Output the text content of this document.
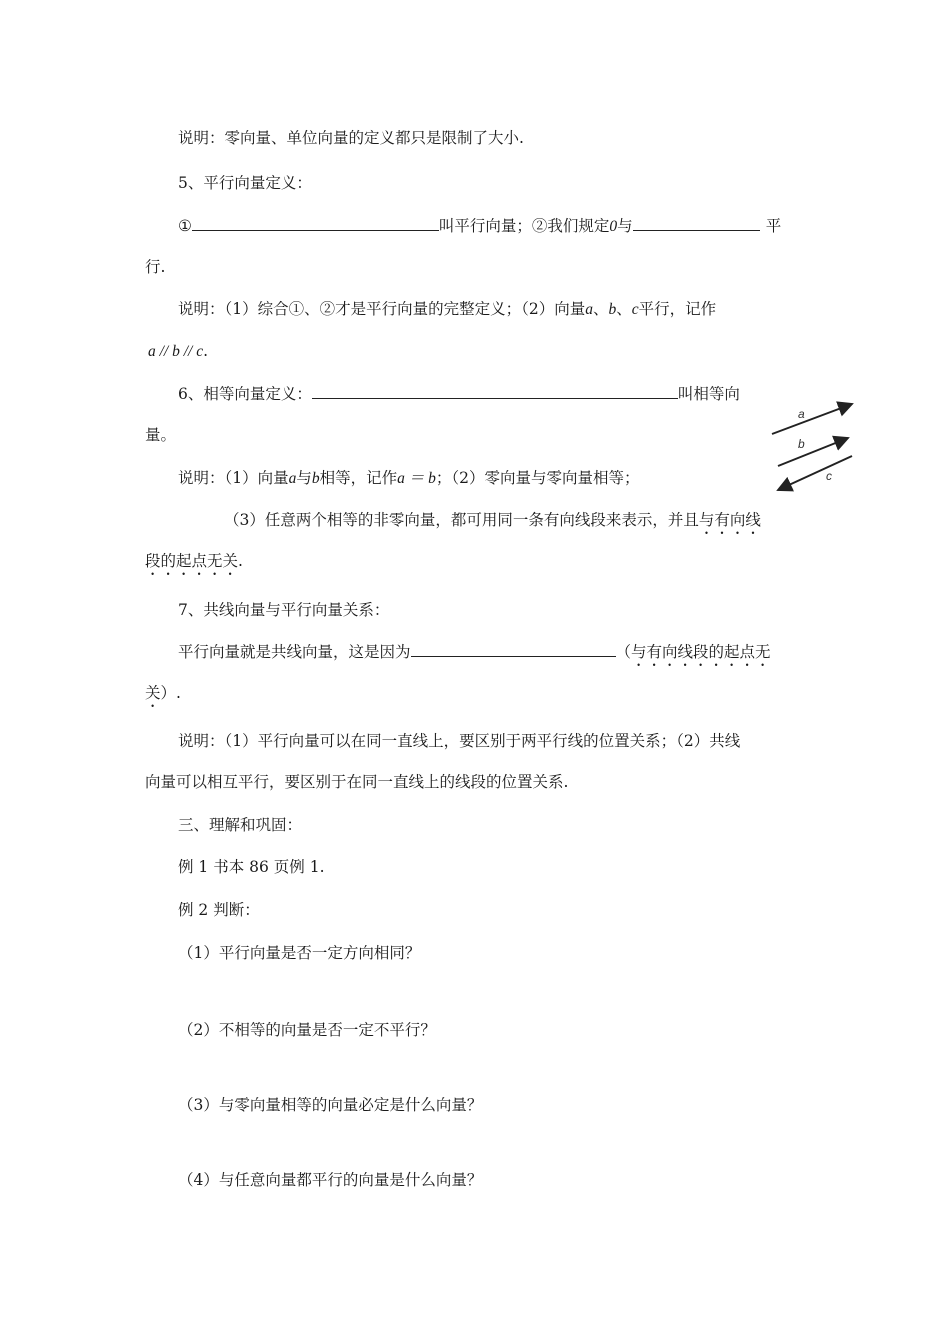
说明：零向量、单位向量的定义都只是限制了大小.
5、平行向量定义：
①	叫平行向量；②我们规定0与	平
行.
说明：（1）综合①、②才是平行向量的完整定义；（2）向量a、b、c平行，记作
a // b // c.
6、相等向量定义：	叫相等向
量。
说明：（1）向量a与b相等，记作a ＝ b；（2）零向量与零向量相等；
（3）任意两个相等的非零向量，都可用同一条有向线段来表示，并且与有向线
段的起点无关.
a
b
c
7、共线向量与平行向量关系：
平行向量就是共线向量，这是因为	（与有向线段的起点无
关）.
说明：（1）平行向量可以在同一直线上，要区别于两平行线的位置关系；（2）共线
向量可以相互平行，要区别于在同一直线上的线段的位置关系.
三、理解和巩固：
例 1 书本 86 页例 1.
例 2 判断：
（1）平行向量是否一定方向相同？
（2）不相等的向量是否一定不平行？
（3）与零向量相等的向量必定是什么向量？
（4）与任意向量都平行的向量是什么向量？
